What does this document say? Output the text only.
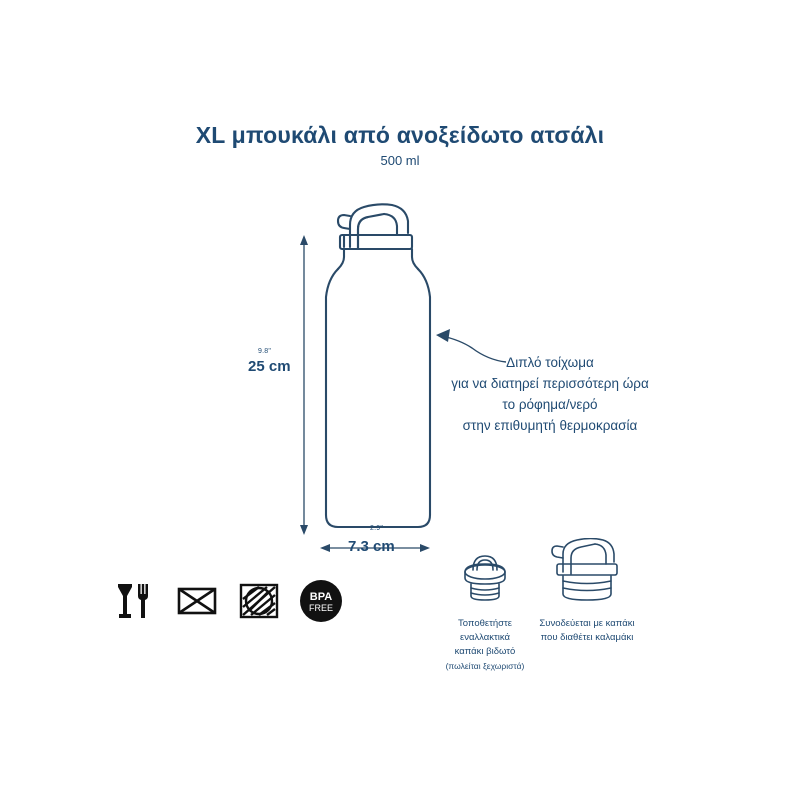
XL μπουκάλι από ανοξείδωτο ατσάλι
500 ml
9.8"
25 cm
2.9"
7.3 cm
Διπλό τοίχωμα
για να διατηρεί περισσότερη ώρα
το ρόφημα/νερό
στην επιθυμητή θερμοκρασία
BPA
FREE
Τοποθετήστε
εναλλακτικά
καπάκι βιδωτό
(πωλείται ξεχωριστά)
Συνοδεύεται με καπάκι
που διαθέτει καλαμάκι
